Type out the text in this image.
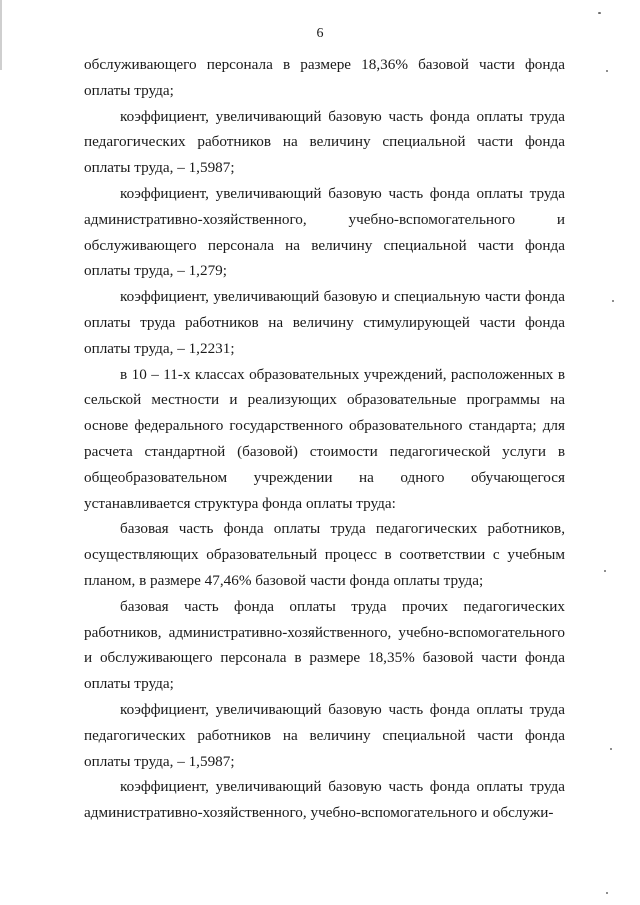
6

обслуживающего персонала в размере 18,36% базовой части фонда оплаты труда;

коэффициент, увеличивающий базовую часть фонда оплаты труда педагогических работников на величину специальной части фонда оплаты труда, – 1,5987;

коэффициент, увеличивающий базовую часть фонда оплаты труда административно-хозяйственного, учебно-вспомогательного и обслуживающего персонала на величину специальной части фонда оплаты труда, – 1,279;

коэффициент, увеличивающий базовую и специальную части фонда оплаты труда работников на величину стимулирующей части фонда оплаты труда, – 1,2231;

в 10 – 11-х классах образовательных учреждений, расположенных в сельской местности и реализующих образовательные программы на основе федерального государственного образовательного стандарта; для расчета стандартной (базовой) стоимости педагогической услуги в общеобразовательном учреждении на одного обучающегося устанавливается структура фонда оплаты труда:

базовая часть фонда оплаты труда педагогических работников, осуществляющих образовательный процесс в соответствии с учебным планом, в размере 47,46% базовой части фонда оплаты труда;

базовая часть фонда оплаты труда прочих педагогических работников, административно-хозяйственного, учебно-вспомогательного и обслуживающего персонала в размере 18,35% базовой части фонда оплаты труда;

коэффициент, увеличивающий базовую часть фонда оплаты труда педагогических работников на величину специальной части фонда оплаты труда, – 1,5987;

коэффициент, увеличивающий базовую часть фонда оплаты труда административно-хозяйственного, учебно-вспомогательного и обслужи-
